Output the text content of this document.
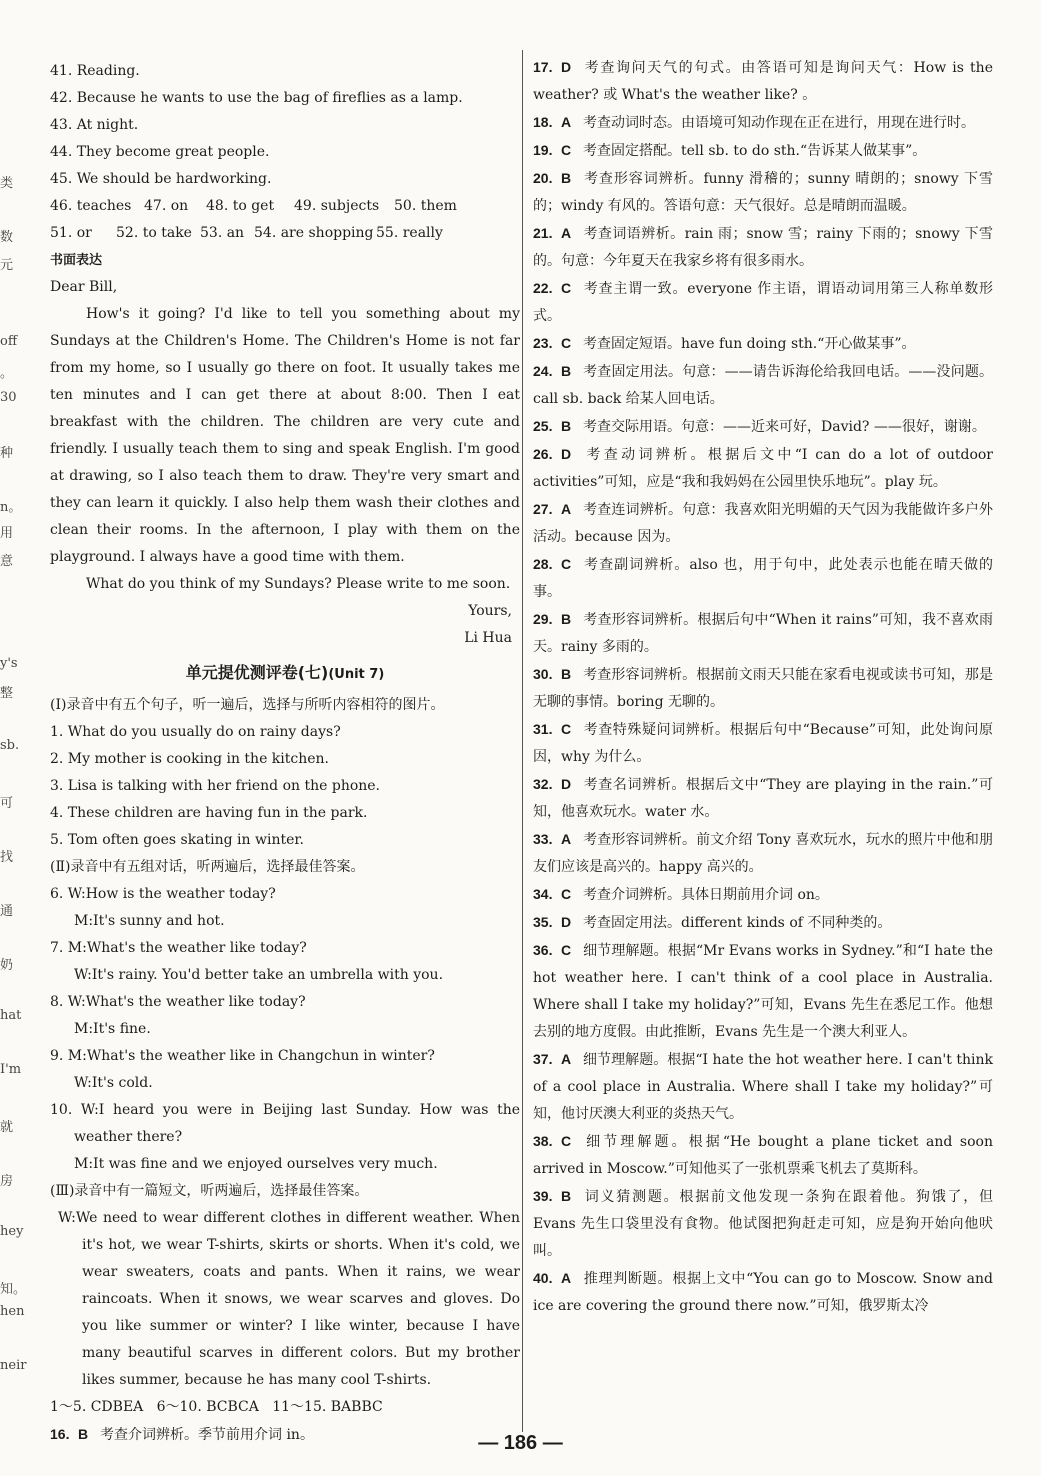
类
数
元
off
。
30
种
n。
用
意
y's
整
sb.
可
找
通
奶
hat
I'm
就
房
hey
知。
hen
neir
41. Reading.
42. Because he wants to use the bag of fireflies as a lamp.
43. At night.
44. They become great people.
45. We should be hardworking.
46. teaches 47. on 48. to get 49. subjects 50. them
51. or 52. to take 53. an 54. are shopping 55. really
书面表达
Dear Bill,
How's it going? I'd like to tell you something about my Sundays at the Children's Home. The Children's Home is not far from my home, so I usually go there on foot. It usually takes me ten minutes and I can get there at about 8:00. Then I eat breakfast with the children. The children are very cute and friendly. I usually teach them to sing and speak English. I'm good at drawing, so I also teach them to draw. They're very smart and they can learn it quickly. I also help them wash their clothes and clean their rooms. In the afternoon, I play with them on the playground. I always have a good time with them.
What do you think of my Sundays? Please write to me soon.
Yours,
Li Hua
单元提优测评卷(七)(Unit 7)
(Ⅰ)录音中有五个句子，听一遍后，选择与所听内容相符的图片。
1. What do you usually do on rainy days?
2. My mother is cooking in the kitchen.
3. Lisa is talking with her friend on the phone.
4. These children are having fun in the park.
5. Tom often goes skating in winter.
(Ⅱ)录音中有五组对话，听两遍后，选择最佳答案。
6. W:How is the weather today?
M:It's sunny and hot.
7. M:What's the weather like today?
W:It's rainy. You'd better take an umbrella with you.
8. W:What's the weather like today?
M:It's fine.
9. M:What's the weather like in Changchun in winter?
W:It's cold.
10. W:I heard you were in Beijing last Sunday. How was the weather there?
M:It was fine and we enjoyed ourselves very much.
(Ⅲ)录音中有一篇短文，听两遍后，选择最佳答案。
W:We need to wear different clothes in different weather. When it's hot, we wear T-shirts, skirts or shorts. When it's cold, we wear sweaters, coats and pants. When it rains, we wear raincoats. When it snows, we wear scarves and gloves. Do you like summer or winter? I like winter, because I have many beautiful scarves in different colors. But my brother likes summer, because he has many cool T-shirts.
1～5. CDBEA   6～10. BCBCA   11～15. BABBC
16. B 考查介词辨析。季节前用介词 in。
17. D 考查询问天气的句式。由答语可知是询问天气：How is the weather? 或 What's the weather like? 。
18. A 考查动词时态。由语境可知动作现在正在进行，用现在进行时。
19. C 考查固定搭配。tell sb. to do sth.“告诉某人做某事”。
20. B 考查形容词辨析。funny 滑稽的；sunny 晴朗的；snowy 下雪的；windy 有风的。答语句意：天气很好。总是晴朗而温暖。
21. A 考查词语辨析。rain 雨；snow 雪；rainy 下雨的；snowy 下雪的。句意：今年夏天在我家乡将有很多雨水。
22. C 考查主谓一致。everyone 作主语，谓语动词用第三人称单数形式。
23. C 考查固定短语。have fun doing sth.“开心做某事”。
24. B 考查固定用法。句意：——请告诉海伦给我回电话。——没问题。call sb. back 给某人回电话。
25. B 考查交际用语。句意：——近来可好，David? ——很好，谢谢。
26. D 考查动词辨析。根据后文中“I can do a lot of outdoor activities”可知，应是“我和我妈妈在公园里快乐地玩”。play 玩。
27. A 考查连词辨析。句意：我喜欢阳光明媚的天气因为我能做许多户外活动。because 因为。
28. C 考查副词辨析。also 也，用于句中，此处表示也能在晴天做的事。
29. B 考查形容词辨析。根据后句中“When it rains”可知，我不喜欢雨天。rainy 多雨的。
30. B 考查形容词辨析。根据前文雨天只能在家看电视或读书可知，那是无聊的事情。boring 无聊的。
31. C 考查特殊疑问词辨析。根据后句中“Because”可知，此处询问原因，why 为什么。
32. D 考查名词辨析。根据后文中“They are playing in the rain.”可知，他喜欢玩水。water 水。
33. A 考查形容词辨析。前文介绍 Tony 喜欢玩水，玩水的照片中他和朋友们应该是高兴的。happy 高兴的。
34. C 考查介词辨析。具体日期前用介词 on。
35. D 考查固定用法。different kinds of 不同种类的。
36. C 细节理解题。根据“Mr Evans works in Sydney.”和“I hate the hot weather here. I can't think of a cool place in Australia. Where shall I take my holiday?”可知，Evans 先生在悉尼工作。他想去别的地方度假。由此推断，Evans 先生是一个澳大利亚人。
37. A 细节理解题。根据“I hate the hot weather here. I can't think of a cool place in Australia. Where shall I take my holiday?”可知，他讨厌澳大利亚的炎热天气。
38. C 细节理解题。根据“He bought a plane ticket and soon arrived in Moscow.”可知他买了一张机票乘飞机去了莫斯科。
39. B 词义猜测题。根据前文他发现一条狗在跟着他。狗饿了，但 Evans 先生口袋里没有食物。他试图把狗赶走可知，应是狗开始向他吠叫。
40. A 推理判断题。根据上文中“You can go to Moscow. Snow and ice are covering the ground there now.”可知，俄罗斯太冷
— 186 —
